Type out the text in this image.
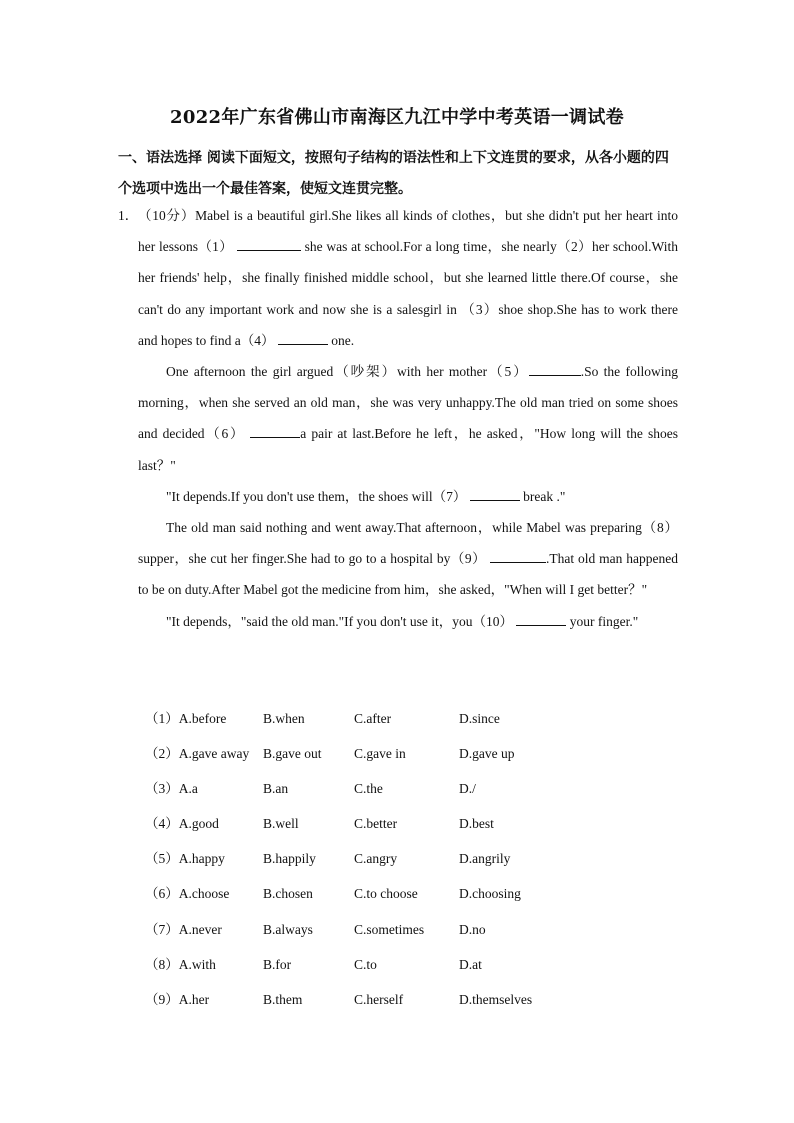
2022年广东省佛山市南海区九江中学中考英语一调试卷
一、语法选择 阅读下面短文，按照句子结构的语法性和上下文连贯的要求，从各小题的四
个选项中选出一个最佳答案，使短文连贯完整。
1． （10分）Mabel is a beautiful girl.She likes all kinds of clothes，but she didn't put her heart into her lessons（1）	she was at school.For a long time，she nearly（2）her school.With her friends' help，she finally finished middle school，but she learned little there.Of course，she can't do any important work and now she is a salesgirl in （3）shoe shop.She has to work there and hopes to find a（4）	one.

One afternoon the girl argued（吵架）with her mother（5）	.So the following morning，when she served an old man，she was very unhappy.The old man tried on some shoes and decided（6）	a pair at last.Before he left，he asked，"How long will the shoes last？"

"It depends.If you don't use them，the shoes will（7）	break ."

The old man said nothing and went away.That afternoon，while Mabel was preparing（8）supper，she cut her finger.She had to go to a hospital by（9）	.That old man happened to be on duty.After Mabel got the medicine from him，she asked，"When will I get better？"

"It depends，"said the old man."If you don't use it，you（10）	your finger."

（1）A.before	B.when	C.after	D.since
（2）A.gave away	B.gave out	C.gave in	D.gave up
（3）A.a	B.an	C.the	D./
（4）A.good	B.well	C.better	D.best
（5）A.happy	B.happily	C.angry	D.angrily
（6）A.choose	B.chosen	C.to choose	D.choosing
（7）A.never	B.always	C.sometimes	D.no
（8）A.with	B.for	C.to	D.at
（9）A.her	B.them	C.herself	D.themselves
